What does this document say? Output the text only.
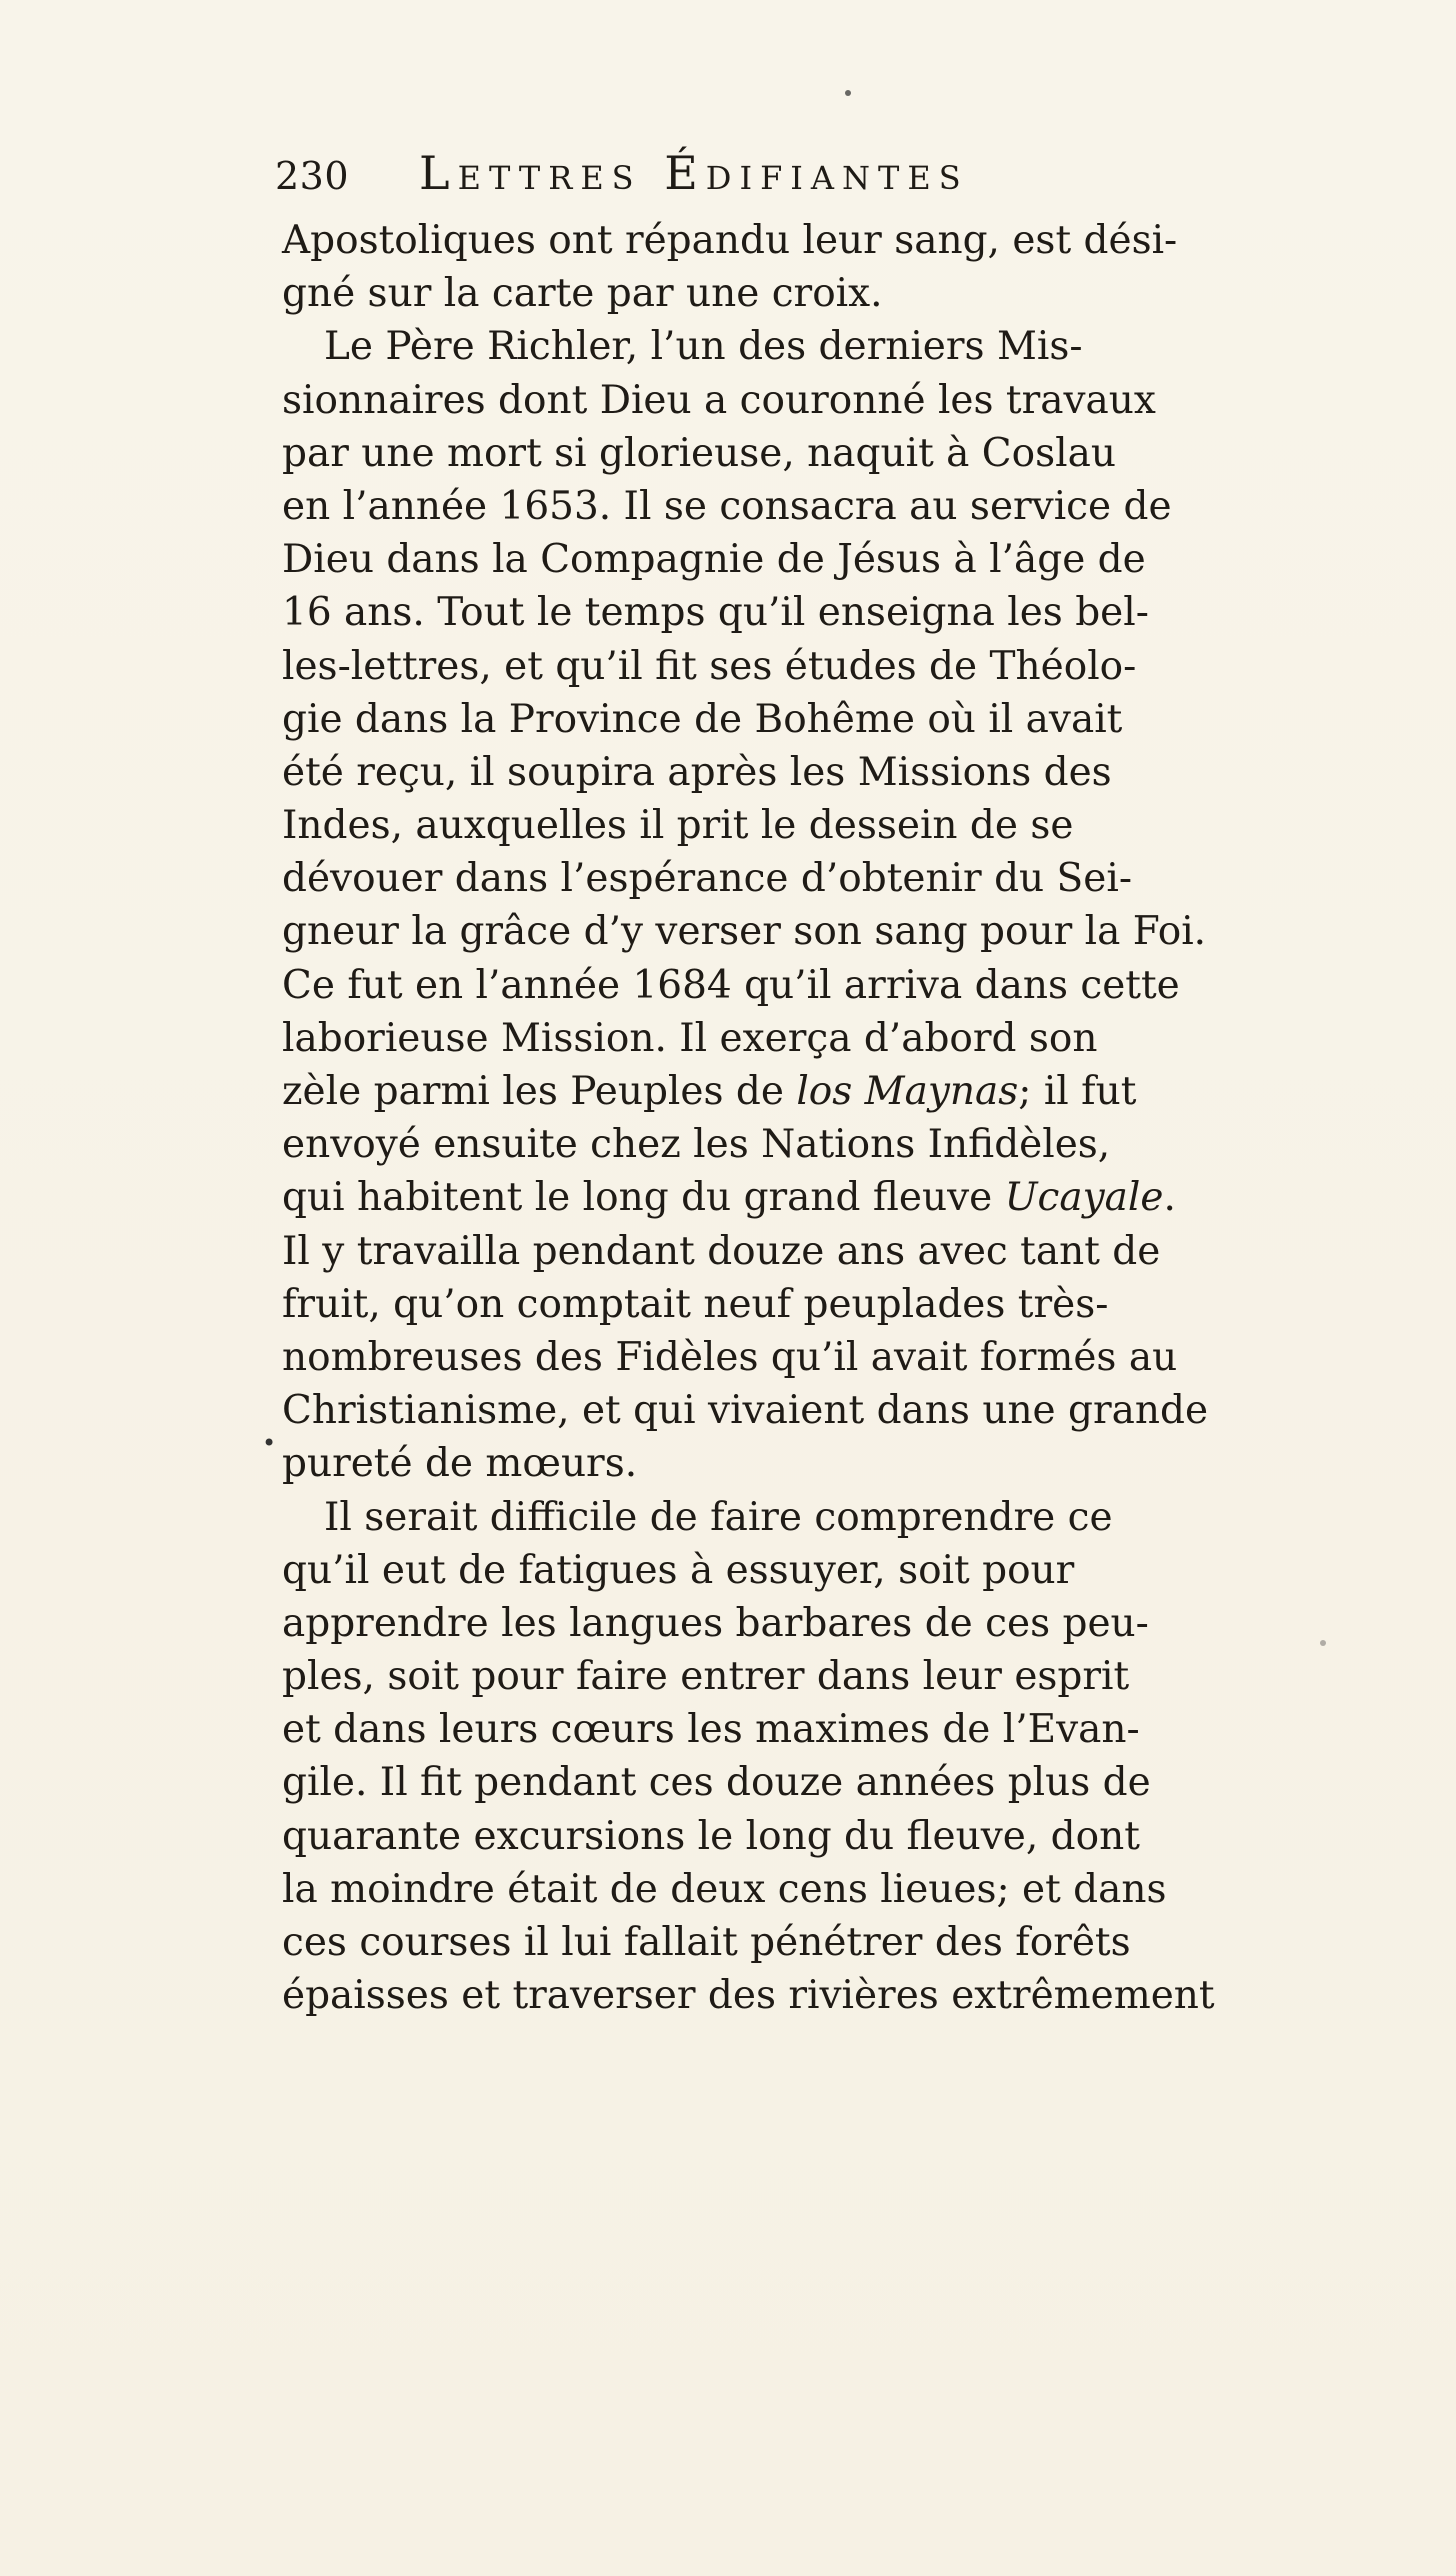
230 Lettres Édifiantes
Apostoliques ont répandu leur sang, est dési-
gné sur la carte par une croix.
Le Père Richler, l’un des derniers Mis-
sionnaires dont Dieu a couronné les travaux
par une mort si glorieuse, naquit à Coslau
en l’année 1653. Il se consacra au service de
Dieu dans la Compagnie de Jésus à l’âge de
16 ans. Tout le temps qu’il enseigna les bel-
les-lettres, et qu’il fit ses études de Théolo-
gie dans la Province de Bohême où il avait
été reçu, il soupira après les Missions des
Indes, auxquelles il prit le dessein de se
dévouer dans l’espérance d’obtenir du Sei-
gneur la grâce d’y verser son sang pour la Foi.
Ce fut en l’année 1684 qu’il arriva dans cette
laborieuse Mission. Il exerça d’abord son
zèle parmi les Peuples de los Maynas; il fut
envoyé ensuite chez les Nations Infidèles,
qui habitent le long du grand fleuve Ucayale.
Il y travailla pendant douze ans avec tant de
fruit, qu’on comptait neuf peuplades très-
nombreuses des Fidèles qu’il avait formés au
Christianisme, et qui vivaient dans une grande
pureté de mœurs.
Il serait difficile de faire comprendre ce
qu’il eut de fatigues à essuyer, soit pour
apprendre les langues barbares de ces peu-
ples, soit pour faire entrer dans leur esprit
et dans leurs cœurs les maximes de l’Evan-
gile. Il fit pendant ces douze années plus de
quarante excursions le long du fleuve, dont
la moindre était de deux cens lieues; et dans
ces courses il lui fallait pénétrer des forêts
épaisses et traverser des rivières extrêmement
•
